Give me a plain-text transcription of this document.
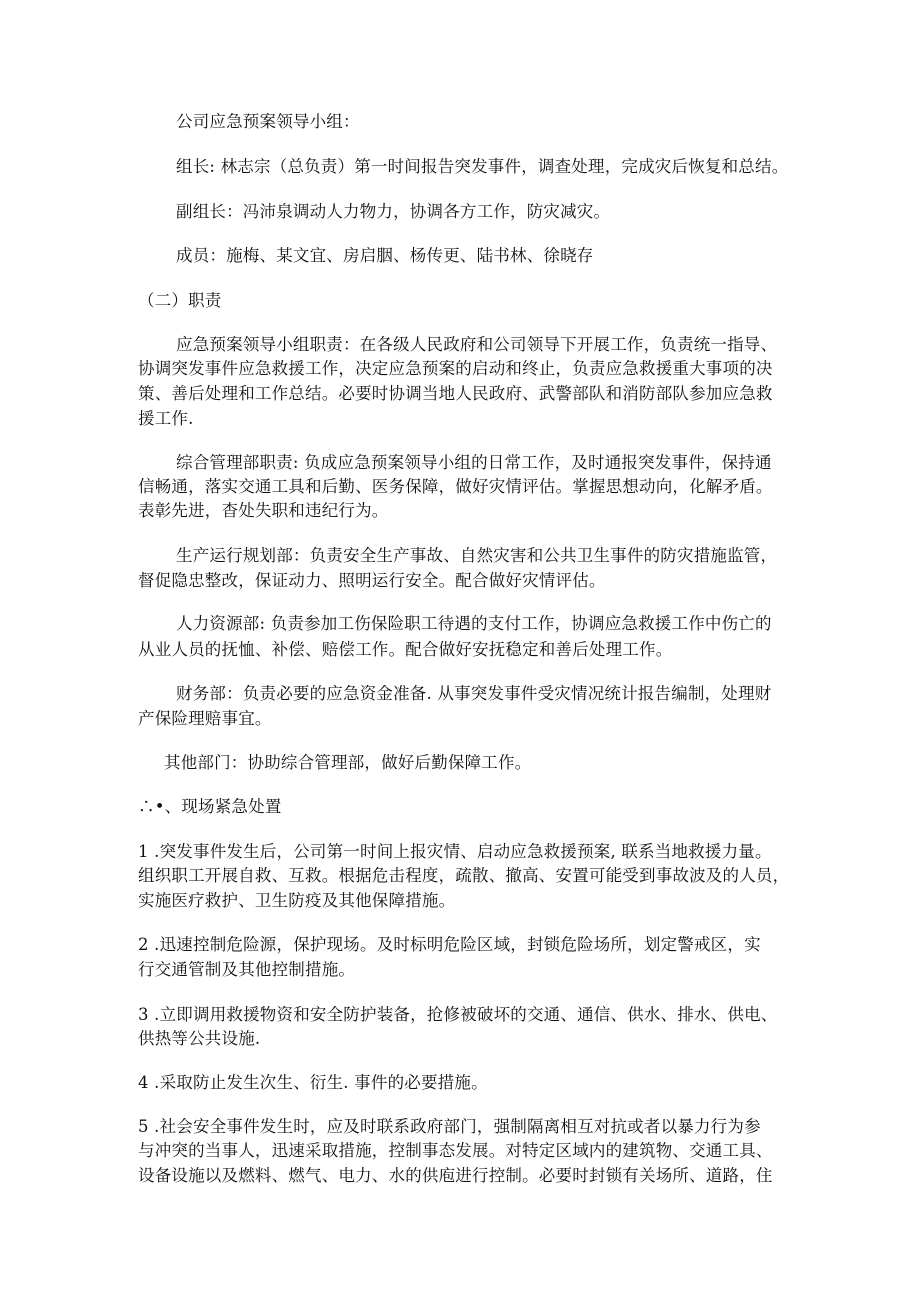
公司应急预案领导小组：
组长: 林志宗（总负责）第一时间报告突发事件，调查处理，完成灾后恢复和总结。
副组长：冯沛泉调动人力物力，协调各方工作，防灾减灾。
成员：施梅、某文宜、房启胭、杨传更、陆书林、徐晓存
（二）职责
应急预案领导小组职责：在各级人民政府和公司领导下开展工作，负责统一指导、
协调突发事件应急救援工作，决定应急预案的启动和终止，负责应急救援重大事项的决
策、善后处理和工作总结。必要时协调当地人民政府、武警部队和消防部队参加应急救
援工作.
综合管理部职责: 负成应急预案领导小组的日常工作，及时通报突发事件，保持通
信畅通，落实交通工具和后勤、医务保障，做好灾情评估。掌握思想动向，化解矛盾。
表彰先进，杳处失职和违纪行为。
生产运行规划部：负责安全生产事故、自然灾害和公共卫生事件的防灾措施监管，
督促隐忠整改，保证动力、照明运行安全。配合做好灾情评估。
人力资源部: 负责参加工伤保险职工待遇的支付工作，协调应急救援工作中伤亡的
从业人员的抚恤、补偿、赔偿工作。配合做好安抚稳定和善后处理工作。
财务部：负责必要的应急资金准备. 从事突发事件受灾情况统计报告编制，处理财
产保险理赔事宜。
其他部门：协助综合管理部，做好后勤保障工作。
∴•、现场紧急处置
1 .突发事件发生后，公司第一时间上报灾情、启动应急救援预案, 联系当地救援力量。
组织职工开展自救、互救。根据危击程度，疏散、撤高、安置可能受到事故波及的人员，
实施医疗救护、卫生防疫及其他保障措施。
2 .迅速控制危险源，保护现场。及时标明危险区域，封锁危险场所，划定警戒区，实
行交通管制及其他控制措施。
3 .立即调用救援物资和安全防护装备，抢修被破坏的交通、通信、供水、排水、供电、
供热等公共设施.
4 .采取防止发生次生、衍生. 事件的必要措施。
5 .社会安全事件发生时，应及时联系政府部门，强制隔离相互对抗或者以暴力行为参
与冲突的当事人，迅速采取措施，控制事态发展。对特定区域内的建筑物、交通工具、
设备设施以及燃料、燃气、电力、水的供庖进行控制。必要时封锁有关场所、道路，住
